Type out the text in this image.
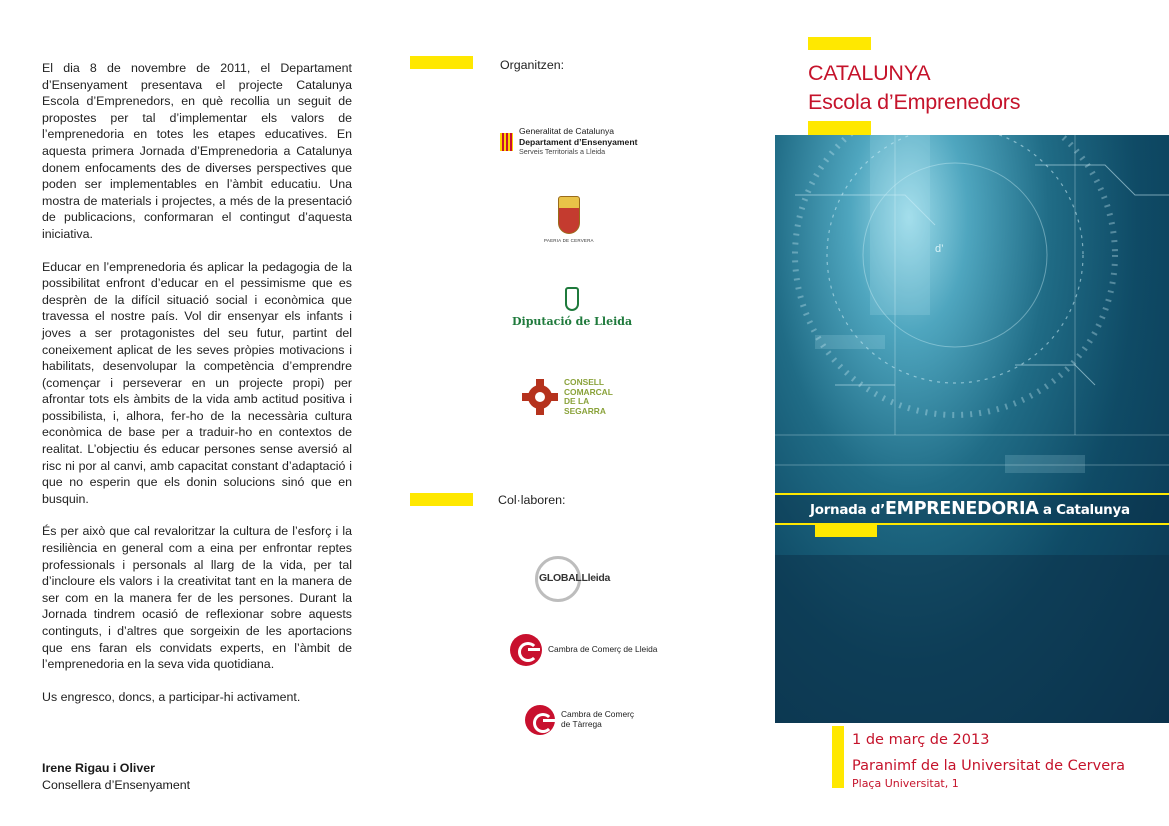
El dia 8 de novembre de 2011, el Departament d’Ensenyament presentava el projecte Catalunya Escola d’Emprenedors, en què recollia un seguit de propostes per tal d’implementar els valors de l’emprenedoria en totes les etapes educatives. En aquesta primera Jornada d’Emprenedoria a Catalunya donem enfocaments des de diverses perspectives que poden ser implementables en l’àmbit educatiu. Una mostra de materials i projectes, a més de la presentació de publicacions, conformaran el contingut d’aquesta iniciativa.

Educar en l’emprenedoria és aplicar la pedagogia de la possibilitat enfront d’educar en el pessimisme que es desprèn de la difícil situació social i econòmica que travessa el nostre país. Vol dir ensenyar els infants i joves a ser protagonistes del seu futur, partint del coneixement aplicat de les seves pròpies motivacions i habilitats, desenvolupar la competència d’emprendre (començar i perseverar en un projecte propi) per afrontar tots els àmbits de la vida amb actitud positiva i possibilista, i, alhora, fer-ho de la necessària cultura econòmica de base per a traduir-ho en contextos de realitat. L’objectiu és educar persones sense aversió al risc ni por al canvi, amb capacitat constant d’adaptació i que no esperin que els donin solucions sinó que en busquin.

És per això que cal revaloritzar la cultura de l’esforç i la resiliència en general com a eina per enfrontar reptes professionals i personals al llarg de la vida, per tal d’incloure els valors i la creativitat tant en la manera de ser com en la manera fer de les persones. Durant la Jornada tindrem ocasió de reflexionar sobre aquests continguts, i d’altres que sorgeixin de les aportacions que ens faran els convidats experts, en l’àmbit de l’emprenedoria en la seva vida quotidiana.

Us engresco, doncs, a participar-hi activament.

Irene Rigau i Oliver
Consellera d’Ensenyament
Organitzen:
Generalitat de Catalunya
Departament d’Ensenyament
Serveis Territorials a Lleida
PAERIA DE CERVERA
Diputació de Lleida
CONSELL
COMARCAL
DE LA
SEGARRA
Col·laboren:
GLOBALLleida
Cambra de Comerç de Lleida
Cambra de Comerç
de Tàrrega
CATALUNYA
Escola d’Emprenedors
d’
Jornada d’EMPRENEDORIA a Catalunya
1 de març de 2013
Paranimf de la Universitat de Cervera
Plaça Universitat, 1
